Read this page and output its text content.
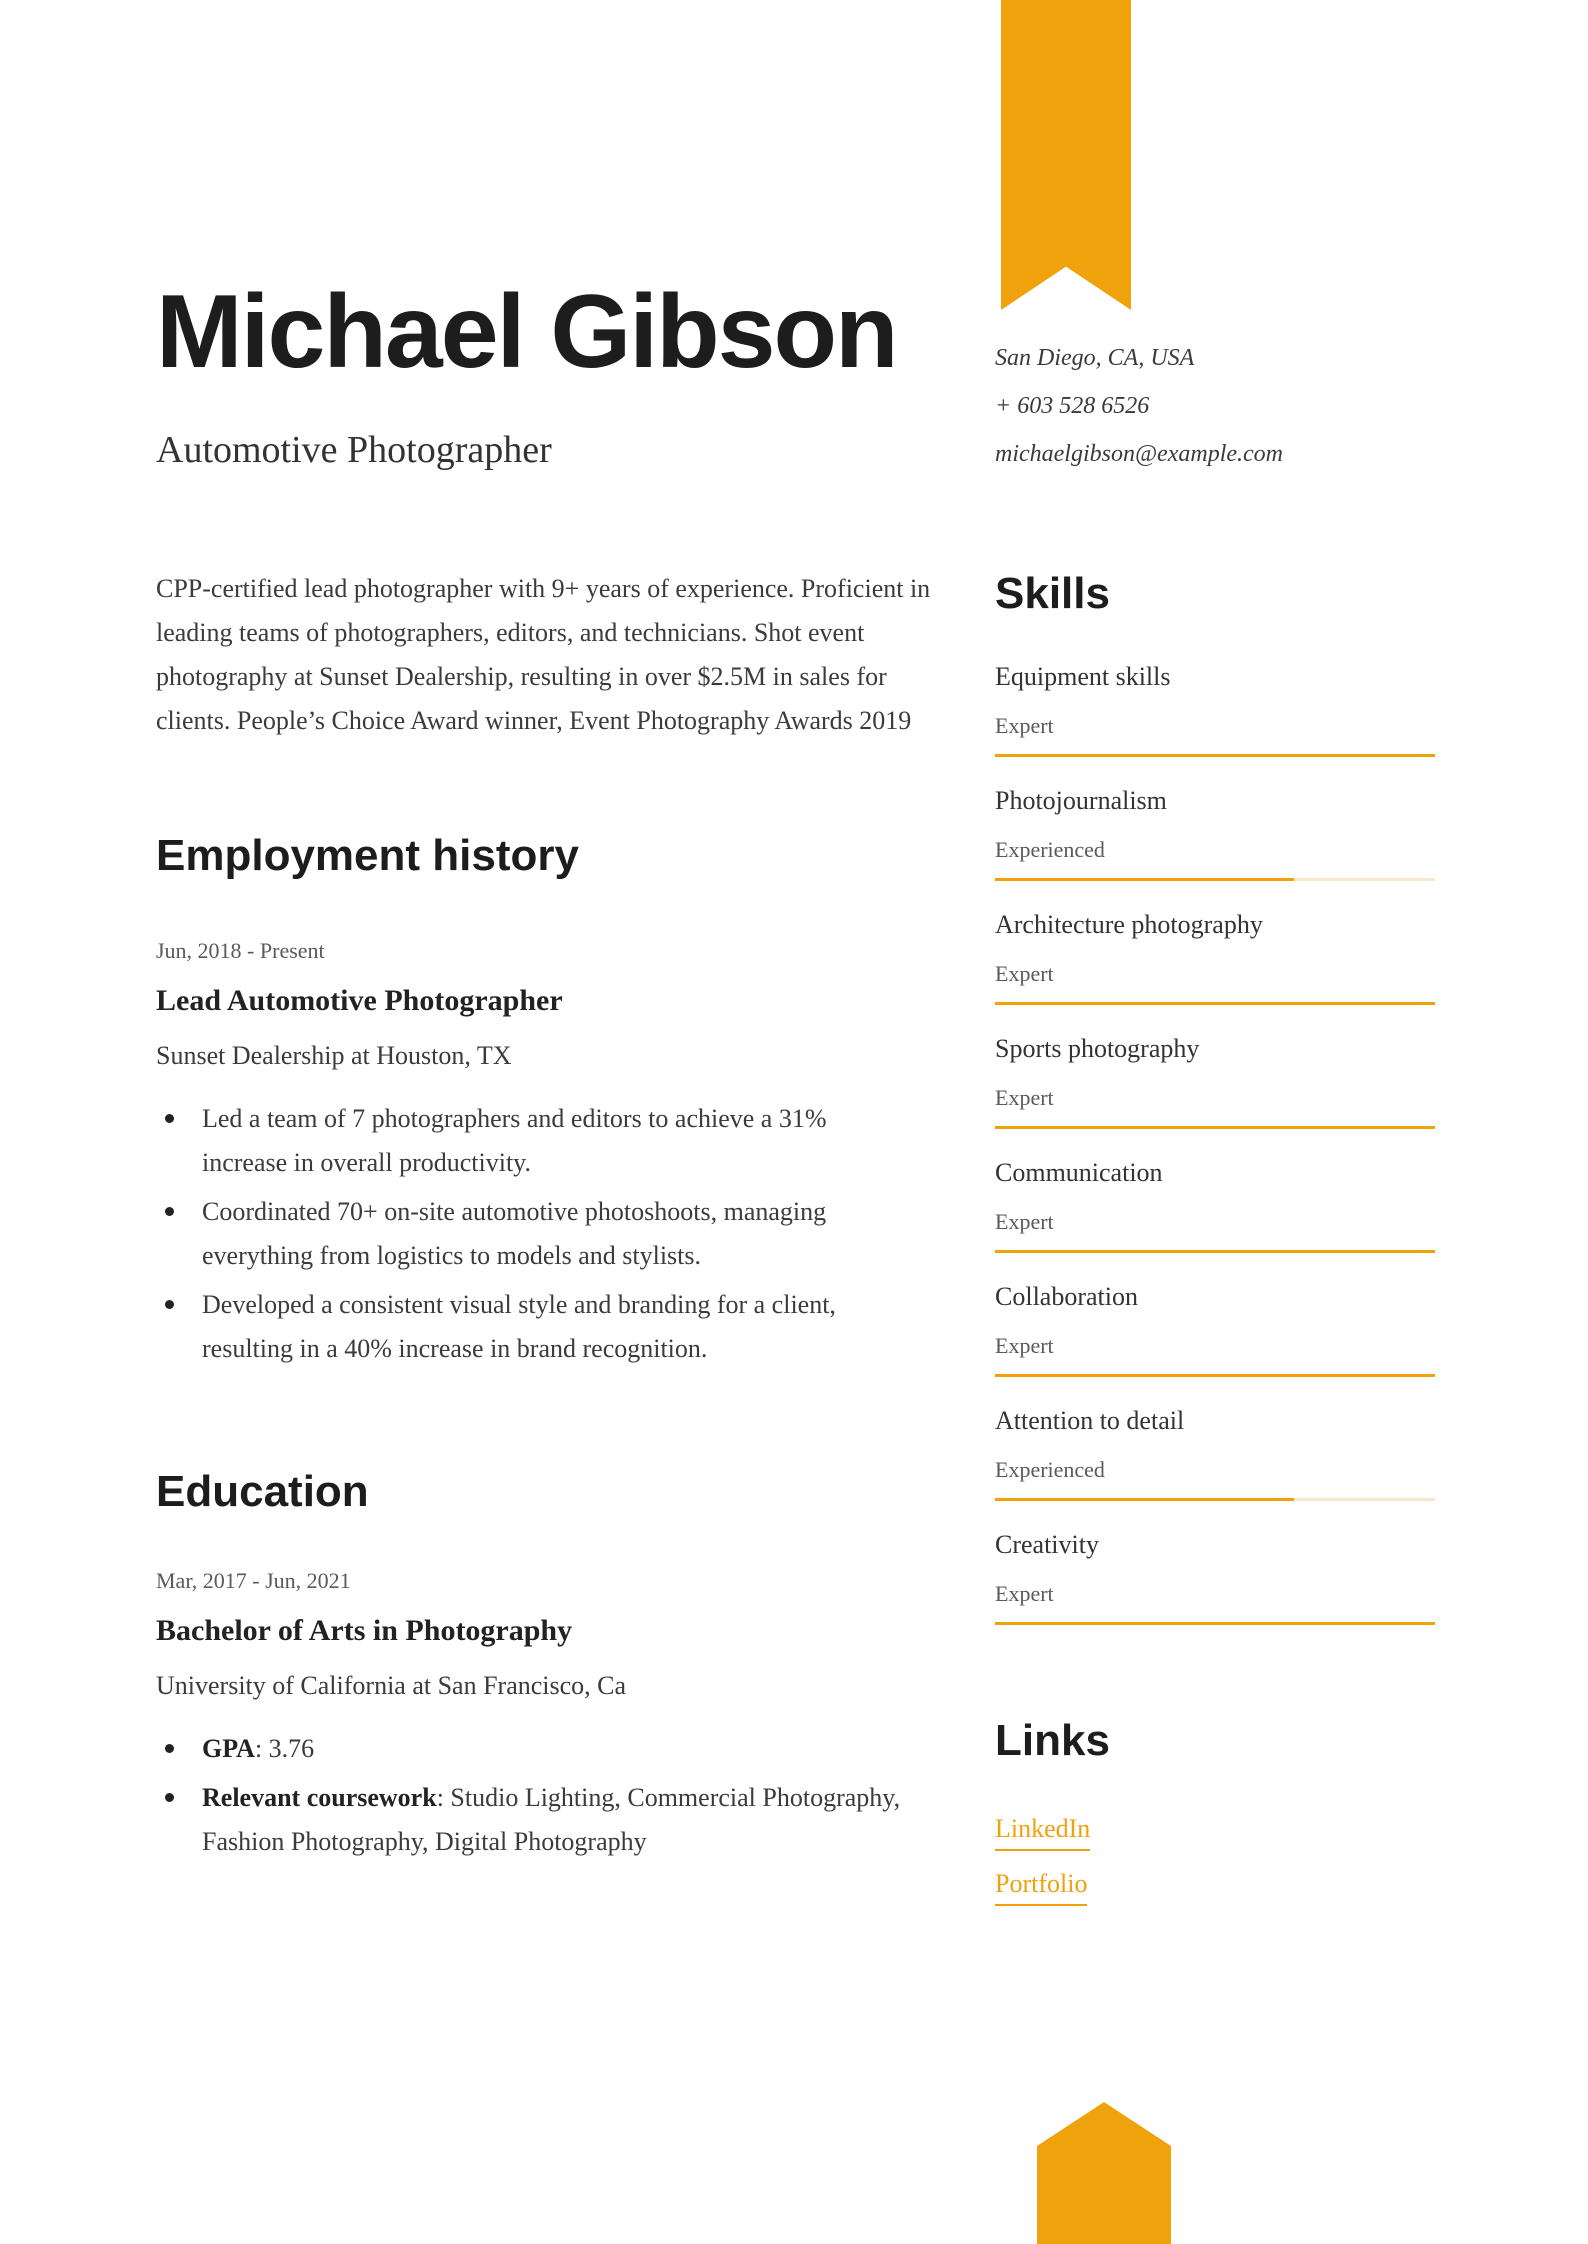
Michael Gibson
Automotive Photographer

CPP-certified lead photographer with 9+ years of experience. Proficient in leading teams of photographers, editors, and technicians. Shot event photography at Sunset Dealership, resulting in over $2.5M in sales for clients. People’s Choice Award winner, Event Photography Awards 2019

Employment history
Jun, 2018 - Present
Lead Automotive Photographer
Sunset Dealership at Houston, TX
Led a team of 7 photographers and editors to achieve a 31% increase in overall productivity.
Coordinated 70+ on-site automotive photoshoots, managing everything from logistics to models and stylists.
Developed a consistent visual style and branding for a client, resulting in a 40% increase in brand recognition.
Education
Mar, 2017 - Jun, 2021
Bachelor of Arts in Photography
University of California at San Francisco, Ca
GPA: 3.76
Relevant coursework: Studio Lighting, Commercial Photography, Fashion Photography, Digital Photography
San Diego, CA, USA
+ 603 528 6526
michaelgibson@example.com
Skills
Equipment skills
Expert
Photojournalism
Experienced
Architecture photography
Expert
Sports photography
Expert
Communication
Expert
Collaboration
Expert
Attention to detail
Experienced
Creativity
Expert
Links
LinkedIn
Portfolio
